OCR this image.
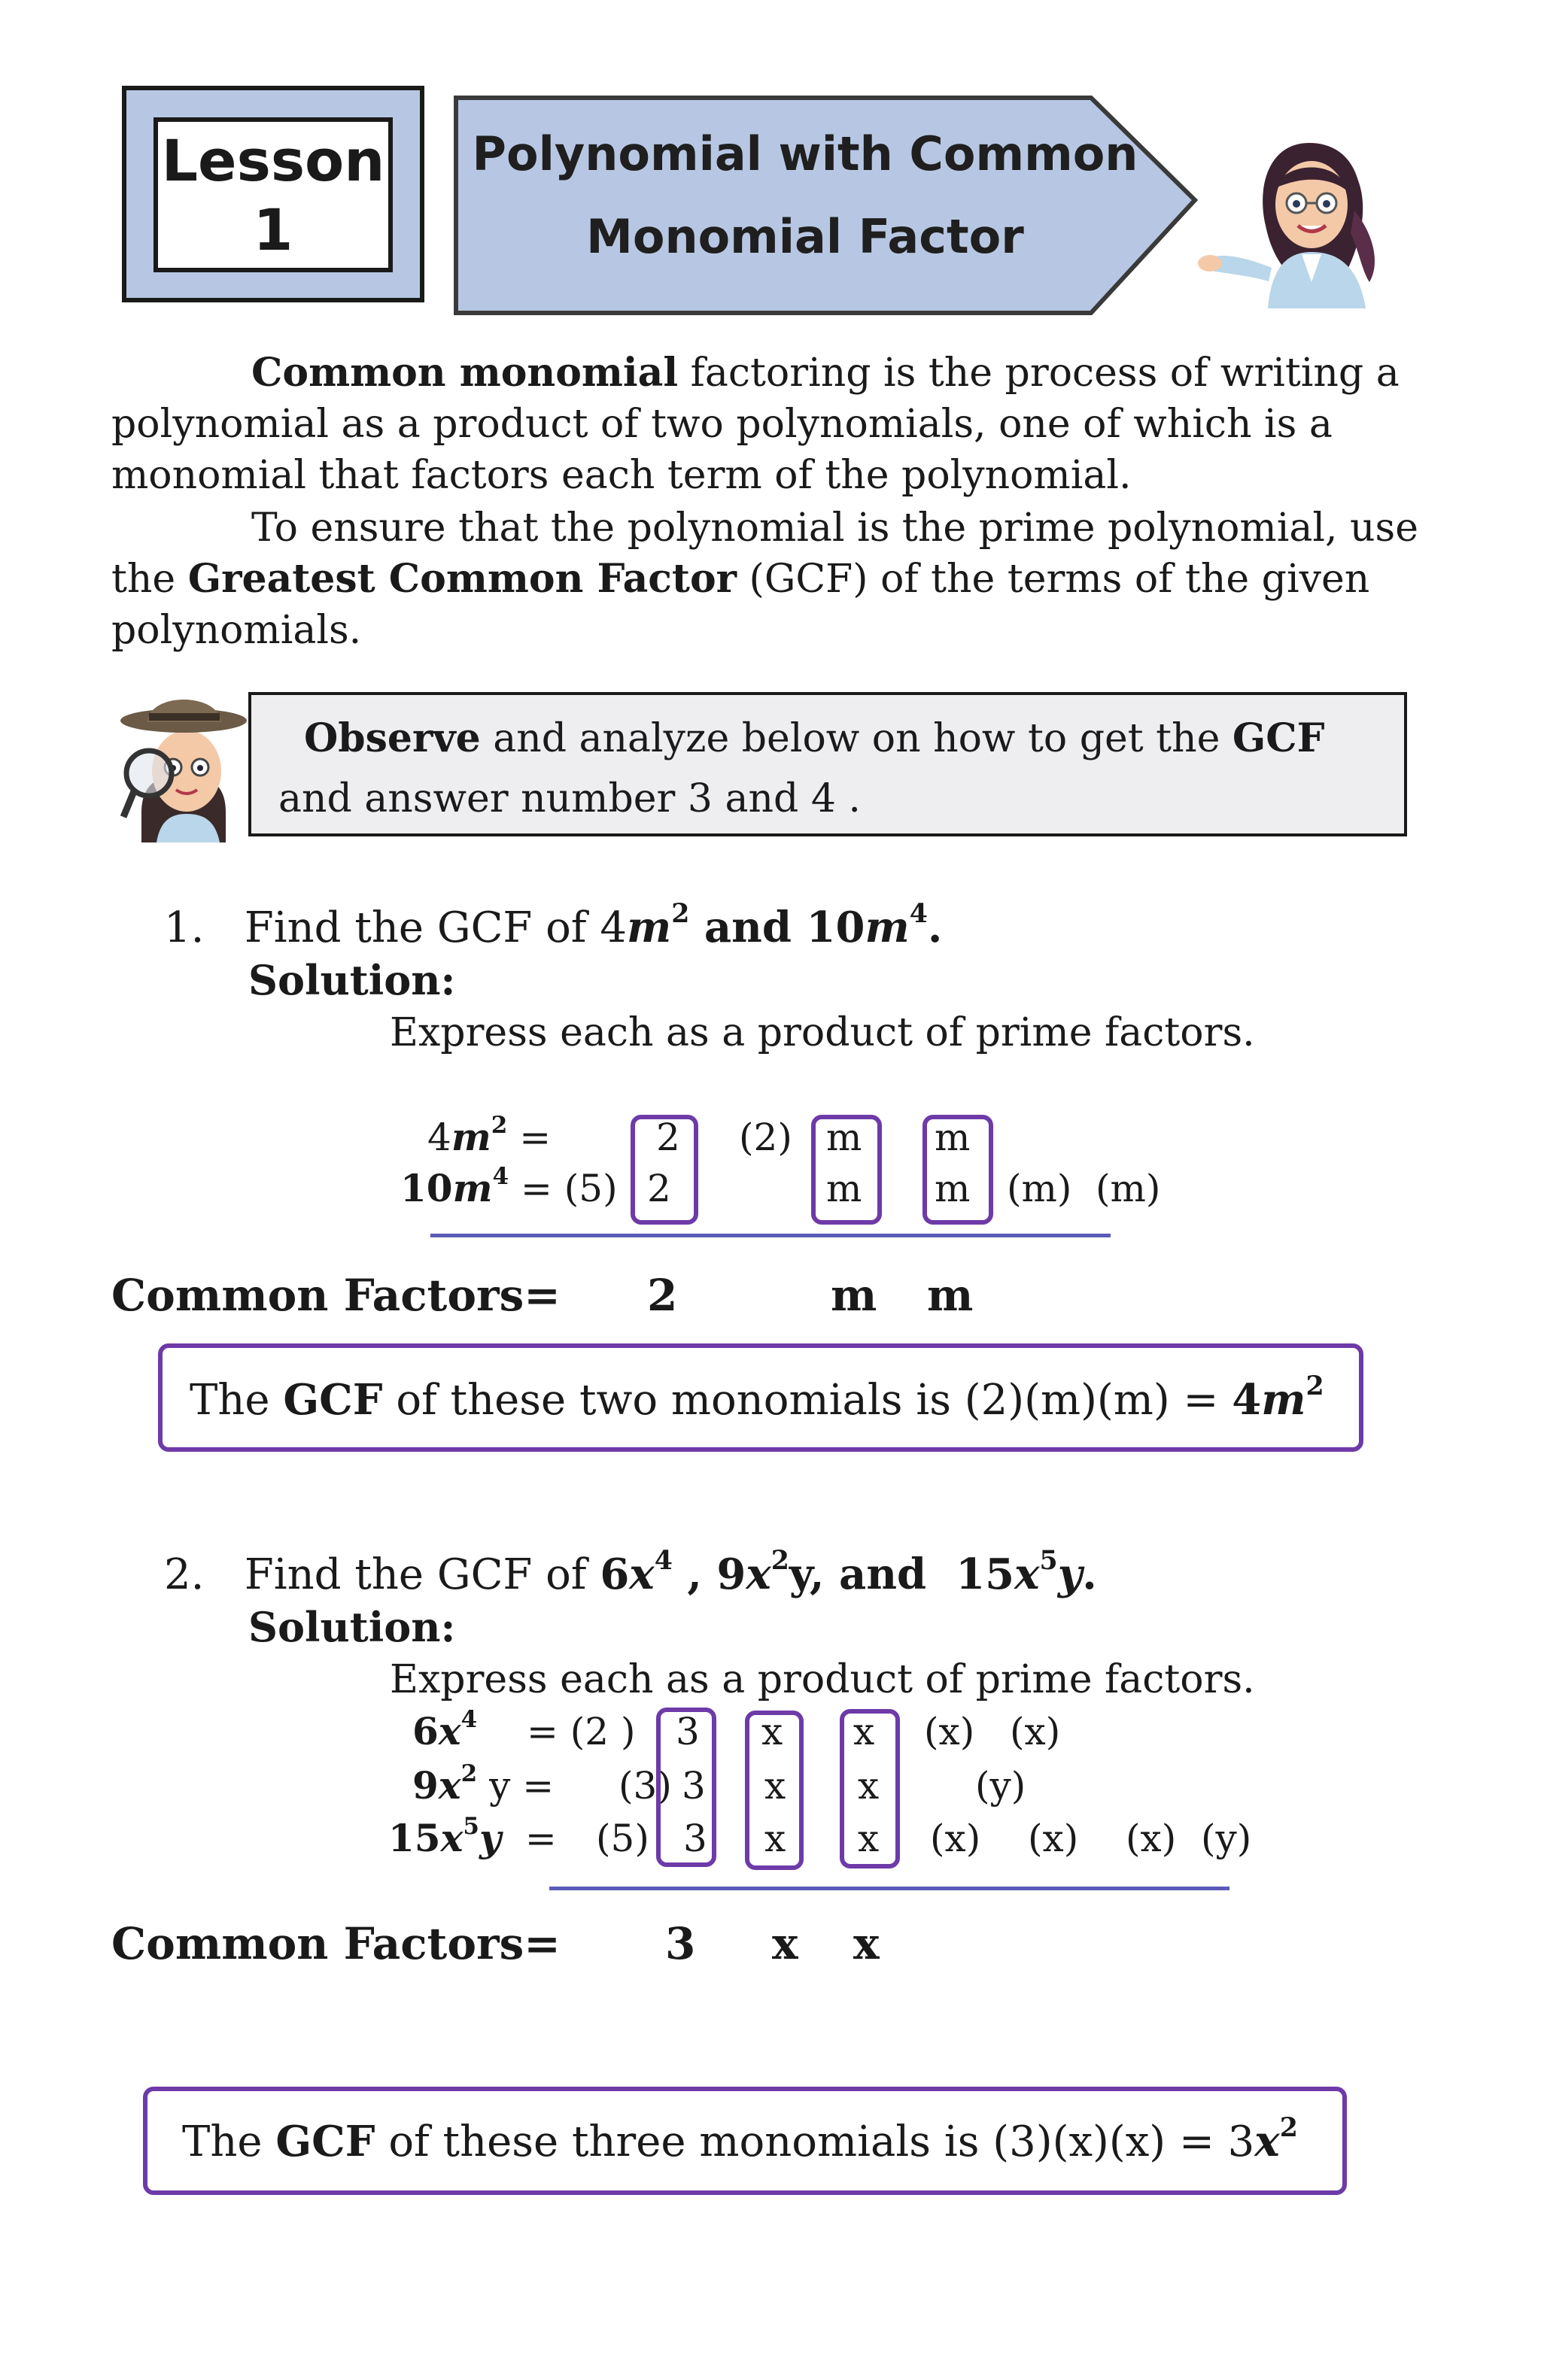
Lesson
1
Polynomial with Common
Monomial Factor
Common monomial factoring is the process of writing a
polynomial as a product of two polynomials, one of which is a
monomial that factors each term of the polynomial.
To ensure that the polynomial is the prime polynomial, use
the Greatest Common Factor (GCF) of the terms of the given
polynomials.
Observe and analyze below on how to get the GCF
and answer number 3 and 4 .
1. Find the GCF of $4m^2$ and $10m^4$.
Solution:
Express each as a product of prime factors.
$4m^2$ =
$10m^4 = (5)$
2 (2) m m
2	m m (m) (m)
Common Factors= 2	m m
The GCF of these two monomials is $(2)(m)(m) = 4m^2$
2. Find the GCF of $6x^4$ , $9x^2y$, and  $15x^5y$.
Solution:
Express each as a product of prime factors.
$6x^4 = (2$ )
$9x^2$ y = (3)
$15x^5y = (5)$
3
3
3
x
x
x
x
x
x
(x) (x)
(y)
(x) (x) (x) (y)
Common Factors= 3 x x
The GCF of these three monomials is $(3)(x)(x) = 3x^2$
